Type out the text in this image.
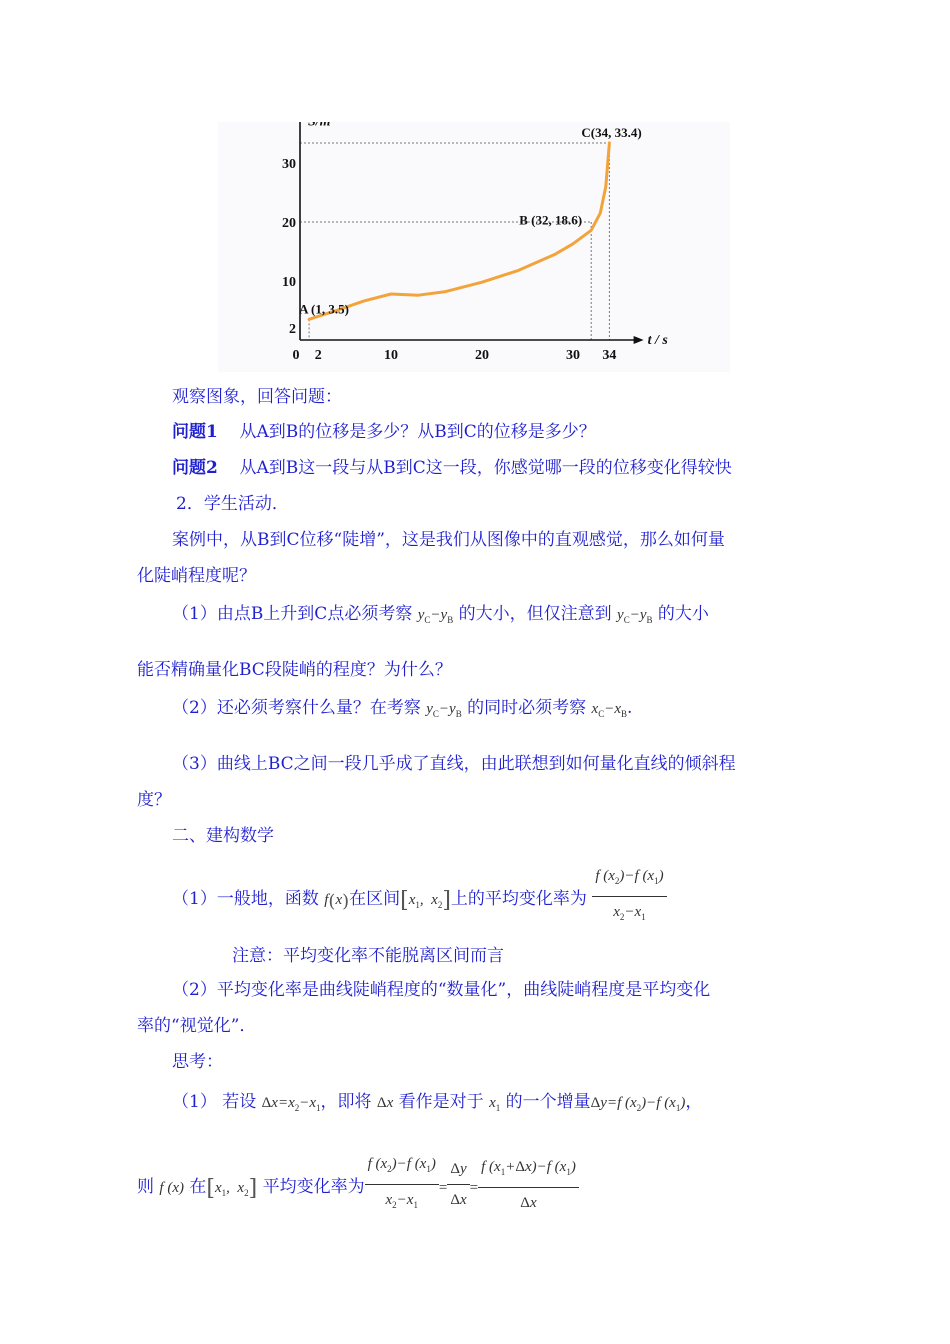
S/m
t / s
2	10	20	30 34
2
10
20
30
0
A (1, 3.5)
B (32, 18.6)
C(34, 33.4)
观察图象，回答问题：
问题1 从A到B的位移是多少？从B到C的位移是多少？
问题2 从A到B这一段与从B到C这一段，你感觉哪一段的位移变化得较快
2．学生活动．
案例中，从B到C位移“陡增”，这是我们从图像中的直观感觉，那么如何量
化陡峭程度呢？
（1）由点B上升到C点必须考察 $y_C-y_B$ 的大小，但仅注意到 $y_C-y_B$ 的大小
能否精确量化BC段陡峭的程度？为什么？
（2）还必须考察什么量？在考察 $y_C-y_B$ 的同时必须考察 $x_C-x_B$.
（3）曲线上BC之间一段几乎成了直线，由此联想到如何量化直线的倾斜程
度？
二、建构数学
（1）一般地，函数 f(x)在区间[$x_1$,  $x_2$]上的平均变化率为 $\frac{f (x_2)-f (x_1)}{x_2-x_1}$
注意：平均变化率不能脱离区间而言
（2）平均变化率是曲线陡峭程度的“数量化”，曲线陡峭程度是平均变化
率的“视觉化”．
思考：
（1） 若设 $\Delta x=x_2-x_1$，即将 Δx 看作是对于 $x_1$ 的一个增量Δy=f $(x_2)-f$ $(x_1)$，
则 f (x) 在[$x_1$,  $x_2$] 平均变化率为 $\frac{f (x_2)-f (x_1)}{x_2-x_1} = \frac{\Delta y}{\Delta x} = \frac{f (x_1+\Delta x)-f (x_1)}{\Delta x}$
